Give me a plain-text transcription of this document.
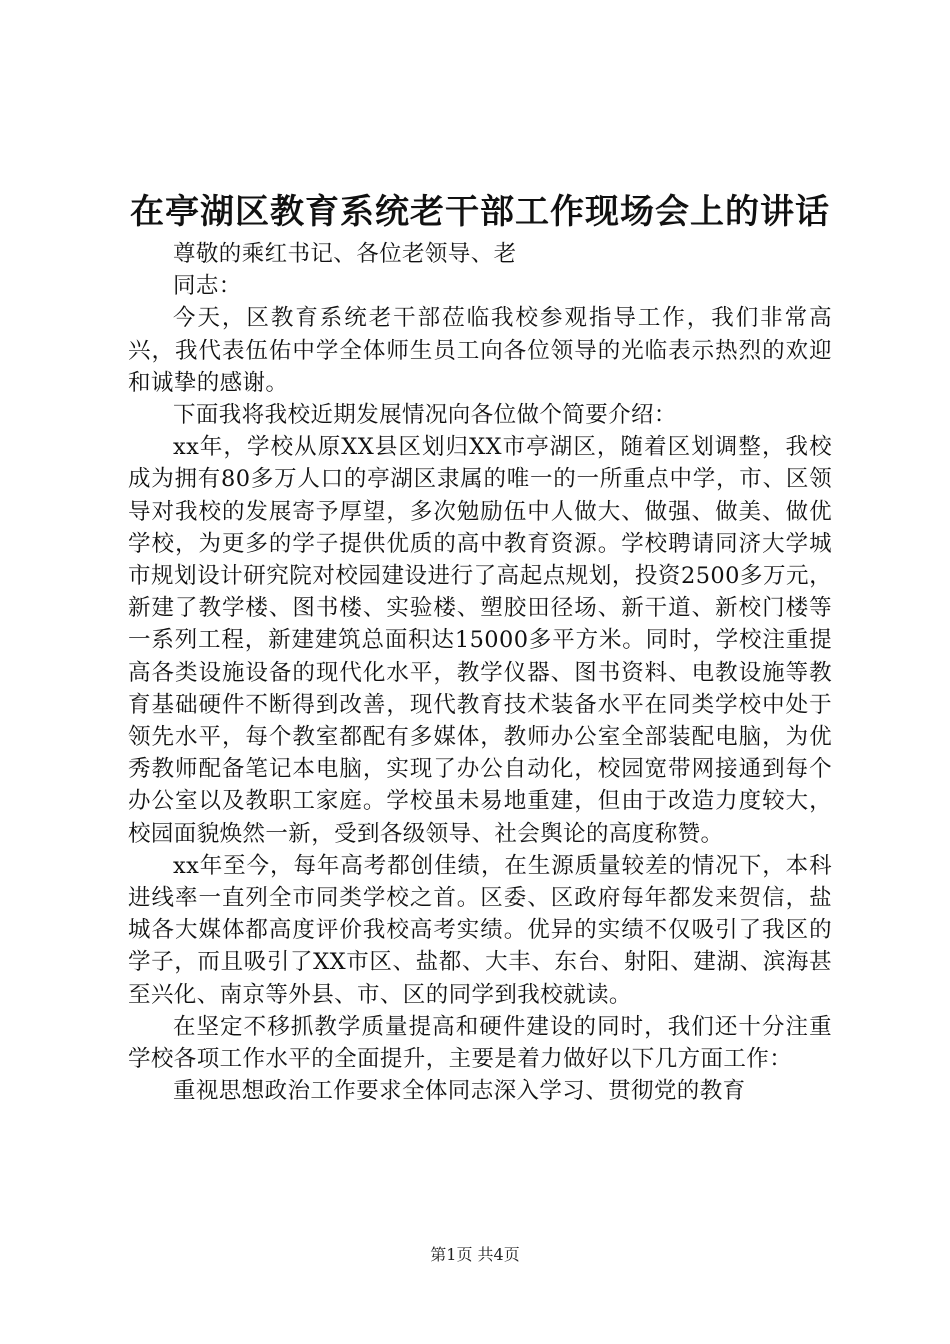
在亭湖区教育系统老干部工作现场会上的讲话

尊敬的乘红书记、各位老领导、老

同志：

今天，区教育系统老干部莅临我校参观指导工作，我们非常高兴，我代表伍佑中学全体师生员工向各位领导的光临表示热烈的欢迎和诚挚的感谢。

下面我将我校近期发展情况向各位做个简要介绍：

xx年，学校从原XX县区划归XX市亭湖区，随着区划调整，我校成为拥有80多万人口的亭湖区隶属的唯一的一所重点中学，市、区领导对我校的发展寄予厚望，多次勉励伍中人做大、做强、做美、做优学校，为更多的学子提供优质的高中教育资源。学校聘请同济大学城市规划设计研究院对校园建设进行了高起点规划，投资2500多万元，新建了教学楼、图书楼、实验楼、塑胶田径场、新干道、新校门楼等一系列工程，新建建筑总面积达15000多平方米。同时，学校注重提高各类设施设备的现代化水平，教学仪器、图书资料、电教设施等教育基础硬件不断得到改善，现代教育技术装备水平在同类学校中处于领先水平，每个教室都配有多媒体，教师办公室全部装配电脑，为优秀教师配备笔记本电脑，实现了办公自动化，校园宽带网接通到每个办公室以及教职工家庭。学校虽未易地重建，但由于改造力度较大，校园面貌焕然一新，受到各级领导、社会舆论的高度称赞。

xx年至今，每年高考都创佳绩，在生源质量较差的情况下，本科进线率一直列全市同类学校之首。区委、区政府每年都发来贺信，盐城各大媒体都高度评价我校高考实绩。优异的实绩不仅吸引了我区的学子，而且吸引了XX市区、盐都、大丰、东台、射阳、建湖、滨海甚至兴化、南京等外县、市、区的同学到我校就读。

在坚定不移抓教学质量提高和硬件建设的同时，我们还十分注重学校各项工作水平的全面提升，主要是着力做好以下几方面工作：

重视思想政治工作要求全体同志深入学习、贯彻党的教育

第1页 共4页
